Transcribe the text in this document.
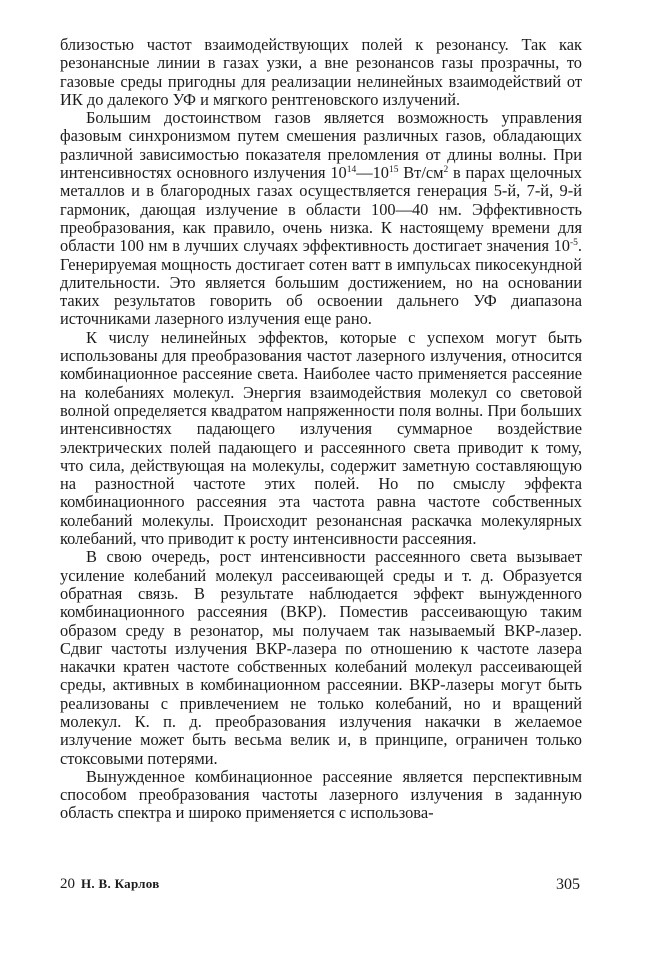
близостью частот взаимодействующих полей к резонансу. Так как резонансные линии в газах узки, а вне резонансов газы прозрачны, то газовые среды пригодны для реализации нелинейных взаимодействий от ИК до далекого УФ и мягкого рентгеновского излучений.

Большим достоинством газов является возможность управления фазовым синхронизмом путем смешения различных газов, обладающих различной зависимостью показателя преломления от длины волны. При интенсивностях основного излучения $10^{14}—10^{15}$ $Вт/см^2$ в парах щелочных металлов и в благородных газах осуществляется генерация 5-й, 7-й, 9-й гармоник, дающая излучение в области 100—40 нм. Эффективность преобразования, как правило, очень низка. К настоящему времени для области 100 нм в лучших случаях эффективность достигает значения $10^{-5}$. Генерируемая мощность достигает сотен ватт в импульсах пикосекундной длительности. Это является большим достижением, но на основании таких результатов говорить об освоении дальнего УФ диапазона источниками лазерного излучения еще рано.

К числу нелинейных эффектов, которые с успехом могут быть использованы для преобразования частот лазерного излучения, относится комбинационное рассеяние света. Наиболее часто применяется рассеяние на колебаниях молекул. Энергия взаимодействия молекул со световой волной определяется квадратом напряженности поля волны. При больших интенсивностях падающего излучения суммарное воздействие электрических полей падающего и рассеянного света приводит к тому, что сила, действующая на молекулы, содержит заметную составляющую на разностной частоте этих полей. Но по смыслу эффекта комбинационного рассеяния эта частота равна частоте собственных колебаний молекулы. Происходит резонансная раскачка молекулярных колебаний, что приводит к росту интенсивности рассеяния.

В свою очередь, рост интенсивности рассеянного света вызывает усиление колебаний молекул рассеивающей среды и т. д. Образуется обратная связь. В результате наблюдается эффект вынужденного комбинационного рассеяния (ВКР). Поместив рассеивающую таким образом среду в резонатор, мы получаем так называемый ВКР-лазер. Сдвиг частоты излучения ВКР-лазера по отношению к частоте лазера накачки кратен частоте собственных колебаний молекул рассеивающей среды, активных в комбинационном рассеянии. ВКР-лазеры могут быть реализованы с привлечением не только колебаний, но и вращений молекул. К. п. д. преобразования излучения накачки в желаемое излучение может быть весьма велик и, в принципе, ограничен только стоксовыми потерями.

Вынужденное комбинационное рассеяние является перспективным способом преобразования частоты лазерного излучения в заданную область спектра и широко применяется с использова-

20 Н. В. Карлов	305
